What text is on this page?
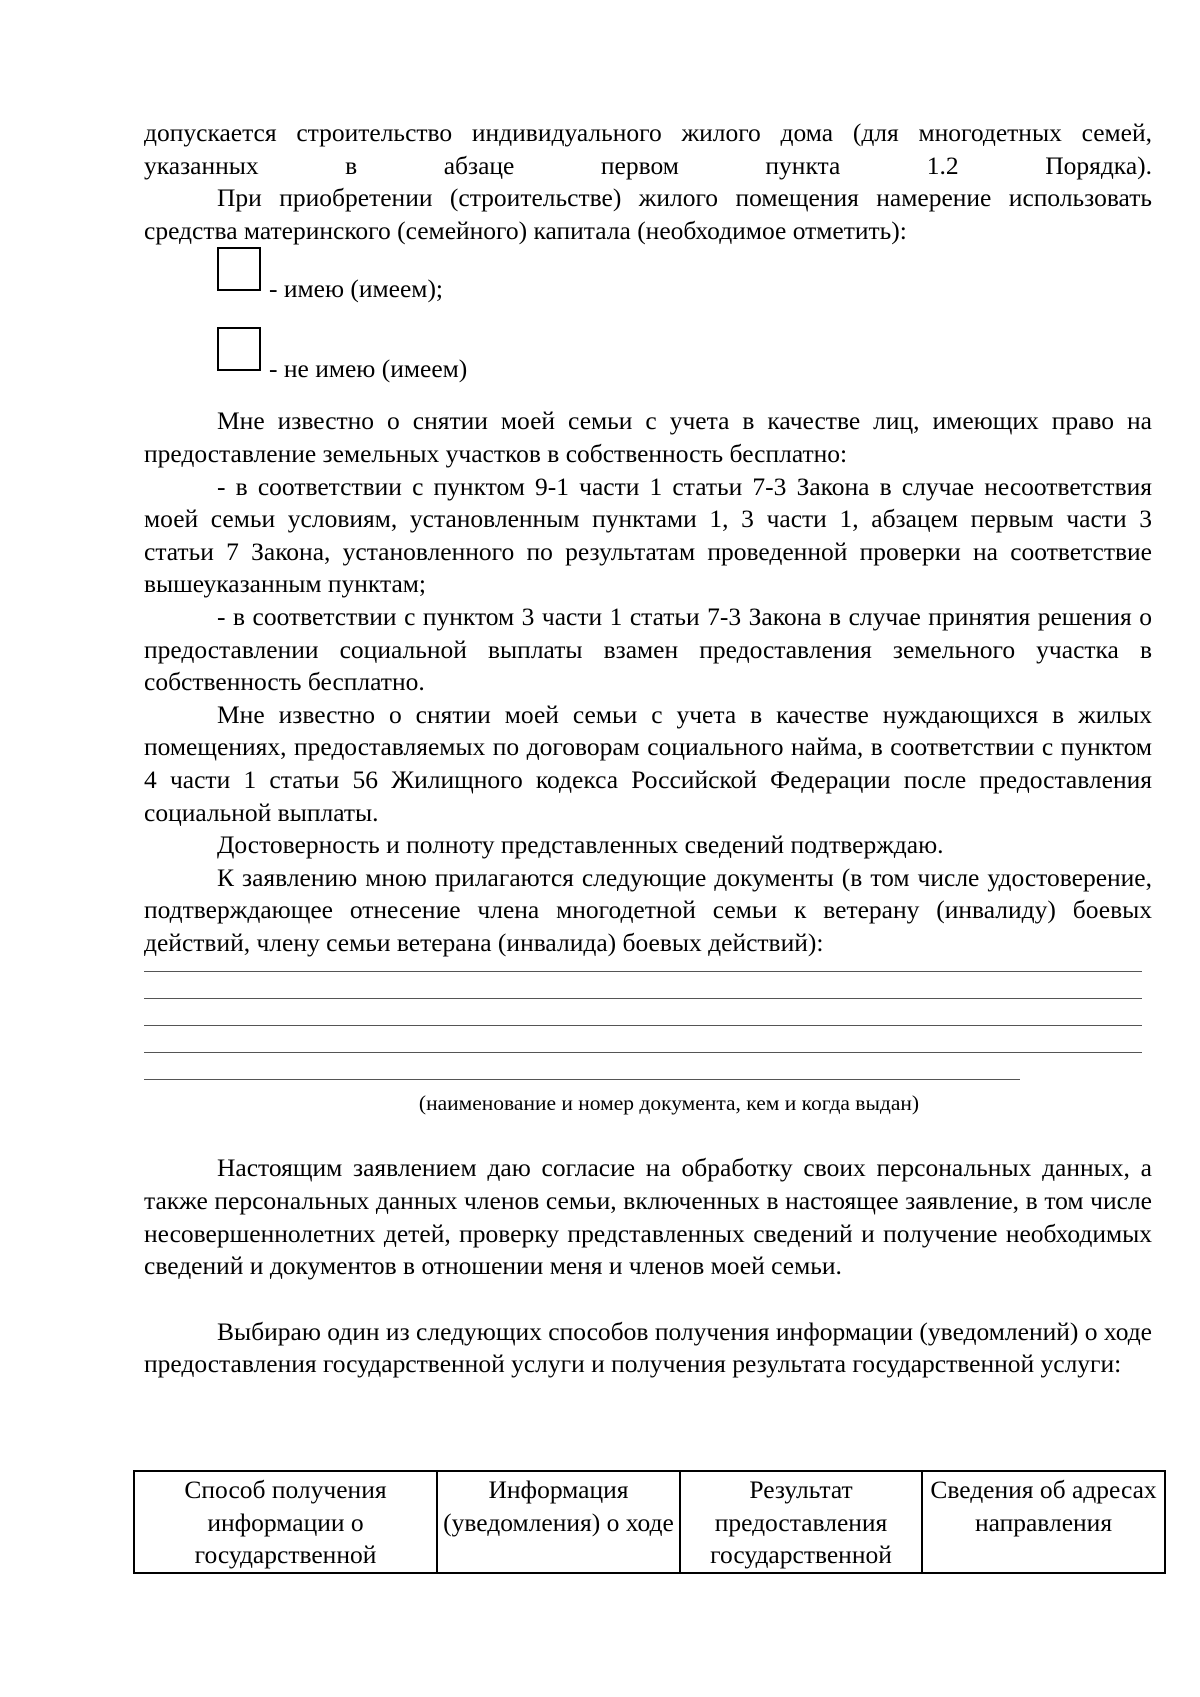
допускается строительство индивидуального жилого дома (для многодетных семей, указанных в абзаце первом пункта 1.2 Порядка).

При приобретении (строительстве) жилого помещения намерение использовать средства материнского (семейного) капитала (необходимое отметить):

- имею (имеем);
- не имею (имеем)

Мне известно о снятии моей семьи с учета в качестве лиц, имеющих право на предоставление земельных участков в собственность бесплатно:

- в соответствии с пунктом 9-1 части 1 статьи 7-3 Закона в случае несоответствия моей семьи условиям, установленным пунктами 1, 3 части 1, абзацем первым части 3 статьи 7 Закона, установленного по результатам проведенной проверки на соответствие вышеуказанным пунктам;

- в соответствии с пунктом 3 части 1 статьи 7-3 Закона в случае принятия решения о предоставлении социальной выплаты взамен предоставления земельного участка в собственность бесплатно.

Мне известно о снятии моей семьи с учета в качестве нуждающихся в жилых помещениях, предоставляемых по договорам социального найма, в соответствии с пунктом 4 части 1 статьи 56 Жилищного кодекса Российской Федерации после предоставления социальной выплаты.

Достоверность и полноту представленных сведений подтверждаю.

К заявлению мною прилагаются следующие документы (в том числе удостоверение, подтверждающее отнесение члена многодетной семьи к ветерану (инвалиду) боевых действий, члену семьи ветерана (инвалида) боевых действий):

(наименование и номер документа, кем и когда выдан)

Настоящим заявлением даю согласие на обработку своих персональных данных, а также персональных данных членов семьи, включенных в настоящее заявление, в том числе несовершеннолетних детей, проверку представленных сведений и получение необходимых сведений и документов в отношении меня и членов моей семьи.

Выбираю один из следующих способов получения информации (уведомлений) о ходе предоставления государственной услуги и получения результата государственной услуги:

Способ получения информации о государственной	Информация (уведомления) о ходе	Результат предоставления государственной	Сведения об адресах направления
